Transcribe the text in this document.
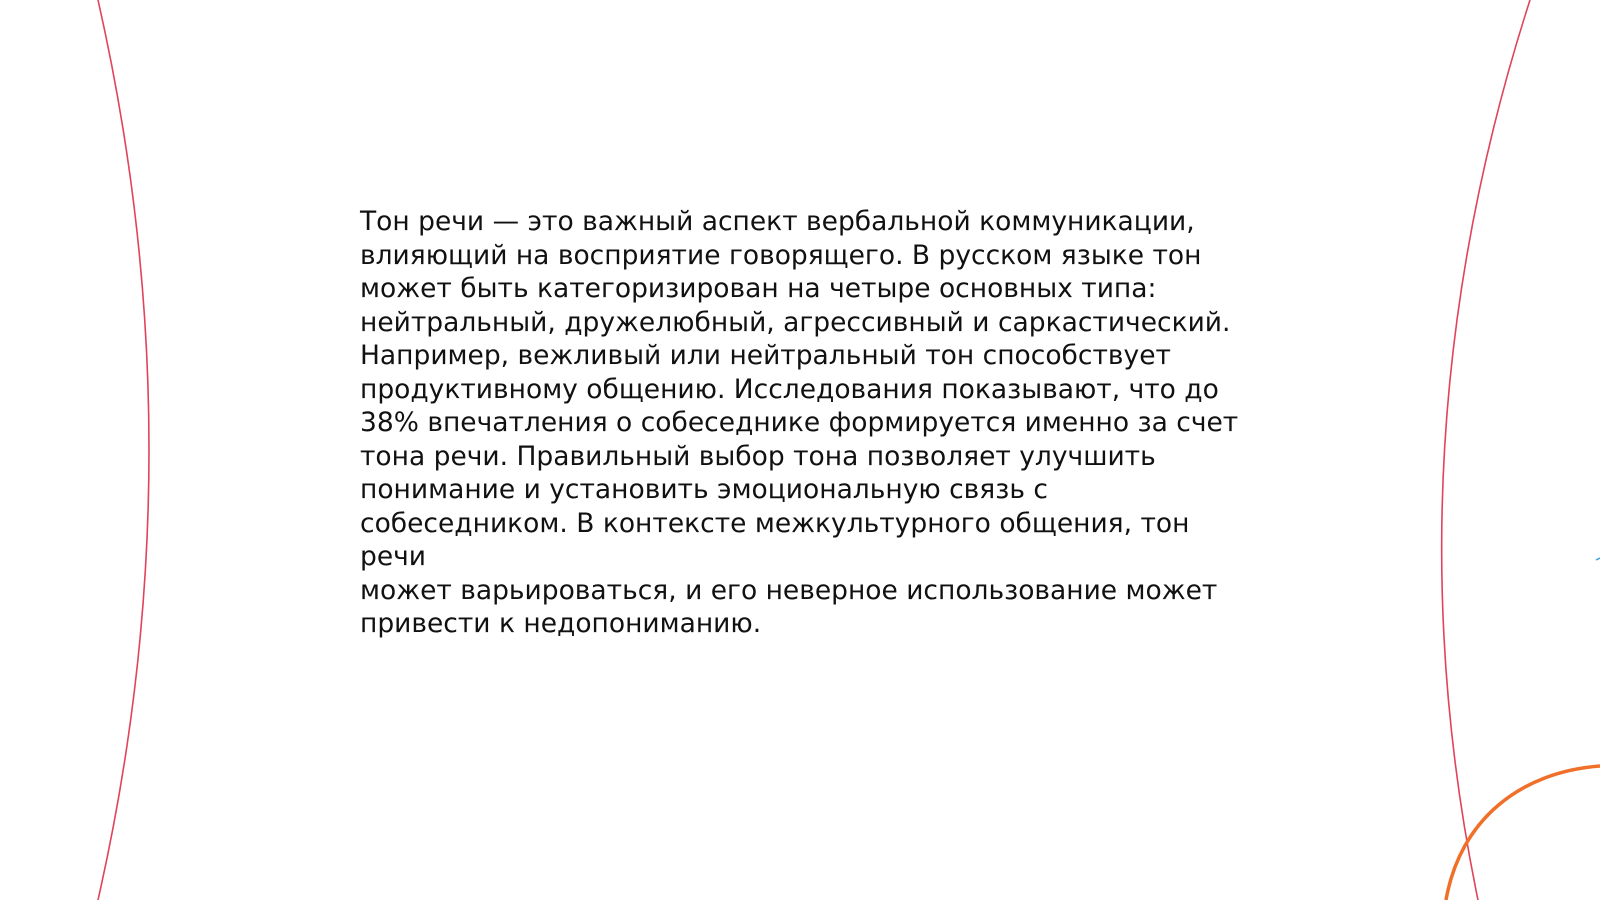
Тон речи — это важный аспект вербальной коммуникации,
влияющий на восприятие говорящего. В русском языке тон
может быть категоризирован на четыре основных типа:
нейтральный, дружелюбный, агрессивный и саркастический.
Например, вежливый или нейтральный тон способствует
продуктивному общению. Исследования показывают, что до
38% впечатления о собеседнике формируется именно за счет
тона речи. Правильный выбор тона позволяет улучшить
понимание и установить эмоциональную связь с
собеседником. В контексте межкультурного общения, тон речи
может варьироваться, и его неверное использование может
привести к недопониманию.
